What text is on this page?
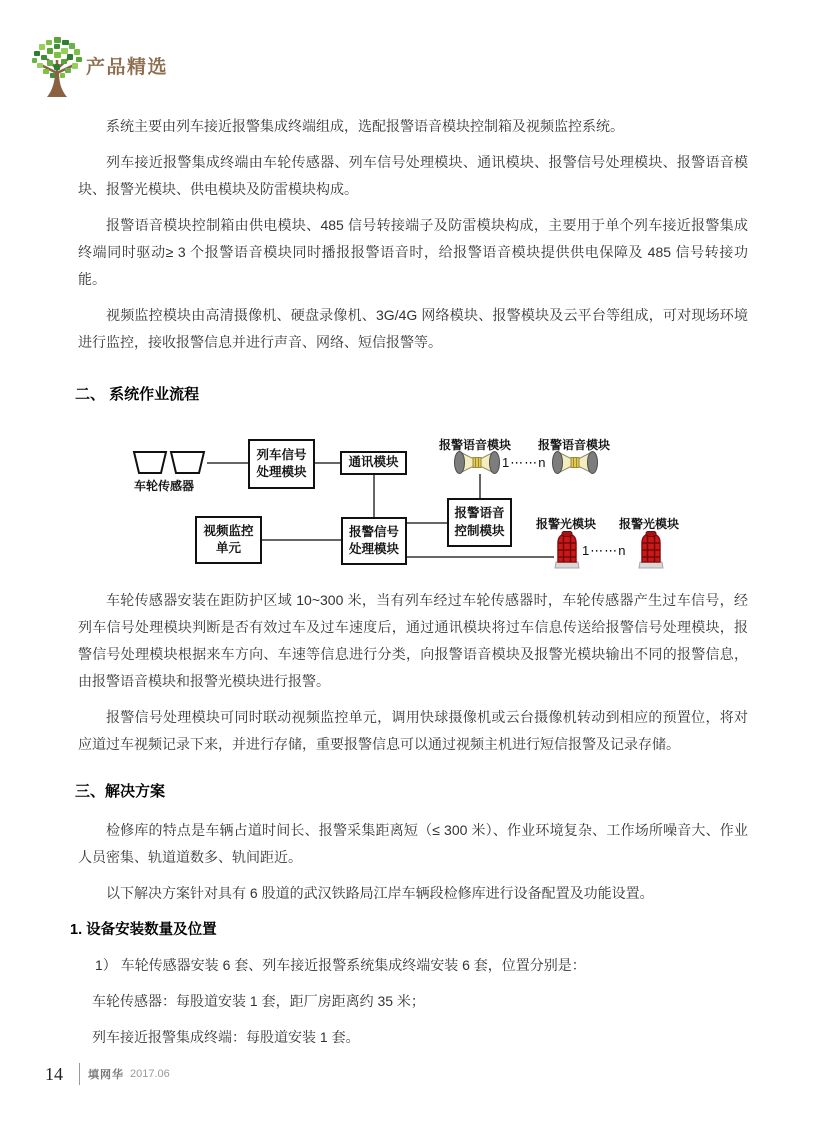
产品精选

系统主要由列车接近报警集成终端组成，选配报警语音模块控制箱及视频监控系统。

列车接近报警集成终端由车轮传感器、列车信号处理模块、通讯模块、报警信号处理模块、报警语音模块、报警光模块、供电模块及防雷模块构成。

报警语音模块控制箱由供电模块、485 信号转接端子及防雷模块构成，主要用于单个列车接近报警集成终端同时驱动≥ 3 个报警语音模块同时播报报警语音时，给报警语音模块提供供电保障及 485 信号转接功能。

视频监控模块由高清摄像机、硬盘录像机、3G/4G 网络模块、报警模块及云平台等组成，可对现场环境进行监控，接收报警信息并进行声音、网络、短信报警等。

二、 系统作业流程
车轮传感器
列车信号
处理模块
通讯模块
视频监控
单元
报警信号
处理模块
报警语音
控制模块
报警语音模块 报警语音模块
1⋯⋯n
报警光模块 报警光模块
1⋯⋯n

车轮传感器安装在距防护区域 10~300 米，当有列车经过车轮传感器时，车轮传感器产生过车信号，经列车信号处理模块判断是否有效过车及过车速度后，通过通讯模块将过车信息传送给报警信号处理模块，报警信号处理模块根据来车方向、车速等信息进行分类，向报警语音模块及报警光模块输出不同的报警信息，由报警语音模块和报警光模块进行报警。

报警信号处理模块可同时联动视频监控单元，调用快球摄像机或云台摄像机转动到相应的预置位，将对应道过车视频记录下来，并进行存储，重要报警信息可以通过视频主机进行短信报警及记录存储。

三、解决方案

检修库的特点是车辆占道时间长、报警采集距离短（≤ 300 米）、作业环境复杂、工作场所噪音大、作业人员密集、轨道道数多、轨间距近。

以下解决方案针对具有 6 股道的武汉铁路局江岸车辆段检修库进行设备配置及功能设置。

1. 设备安装数量及位置

1） 车轮传感器安装 6 套、列车接近报警系统集成终端安装 6 套，位置分别是：

车轮传感器：每股道安装 1 套，距厂房距离约 35 米；

列车接近报警集成终端：每股道安装 1 套。

14 填网华 2017.06
